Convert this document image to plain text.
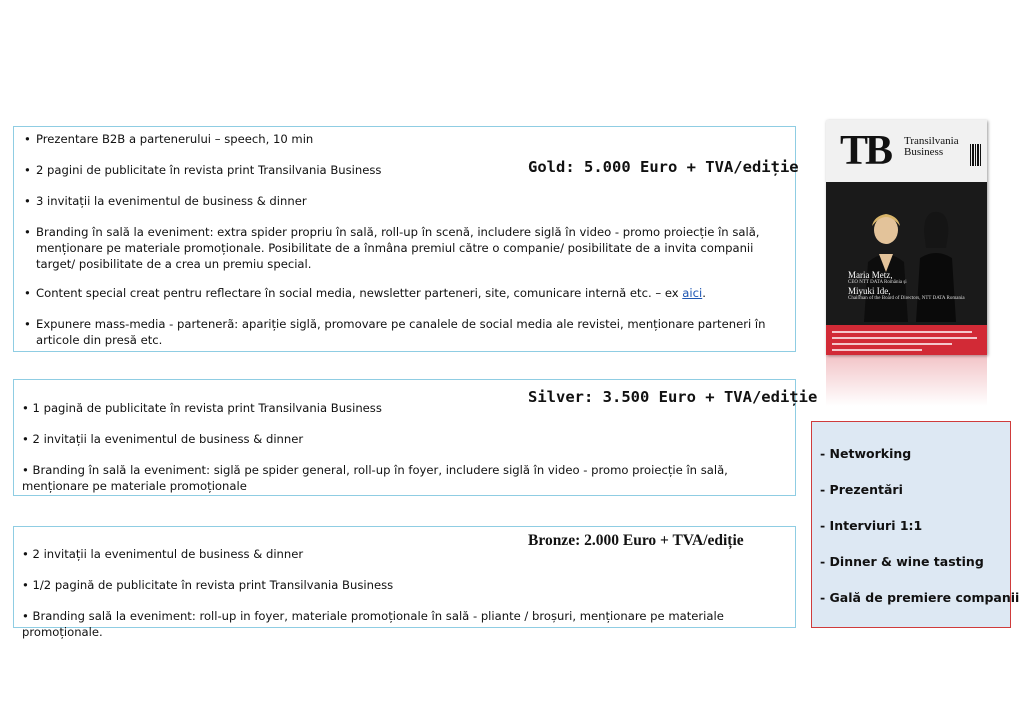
• Prezentare B2B a partenerului – speech, 10 min
• 2 pagini de publicitate în revista print Transilvania Business
• 3 invitații la evenimentul de business & dinner
• Branding în sală la eveniment: extra spider propriu în sală, roll-up în scenă, includere siglă în video - promo proiecție în sală, menționare pe materiale promoționale. Posibilitate de a înmâna premiul către o companie/ posibilitate de a invita companii target/ posibilitate de a crea un premiu special.
• Content special creat pentru reflectare în social media, newsletter parteneri, site, comunicare internă etc. – ex aici.
• Expunere mass-media - partenerã: apariție siglă, promovare pe canalele de social media ale revistei, menționare parteneri în articole din presă etc.
Gold: 5.000 Euro + TVA/ediție
Silver: 3.500 Euro + TVA/ediție
• 1 pagină de publicitate în revista print Transilvania Business
• 2 invitații la evenimentul de business & dinner
• Branding în sală la eveniment: siglă pe spider general, roll-up în foyer, includere siglă în video - promo proiecție în sală, menționare pe materiale promoționale
Bronze: 2.000 Euro + TVA/ediție
• 2 invitații la evenimentul de business & dinner
• 1/2 pagină de publicitate în revista print Transilvania Business
• Branding sală la eveniment: roll-up in foyer, materiale promoționale în sală - pliante / broșuri, menționare pe materiale promoționale.
TB Transilvania
Business
Maria Metz,
CEO NTT DATA România și
Miyuki Ide,
Chairman of the Board of Directors, NTT DATA Romania
- Networking
- Prezentări
- Interviuri 1:1
- Dinner & wine tasting
- Gală de premiere companii
